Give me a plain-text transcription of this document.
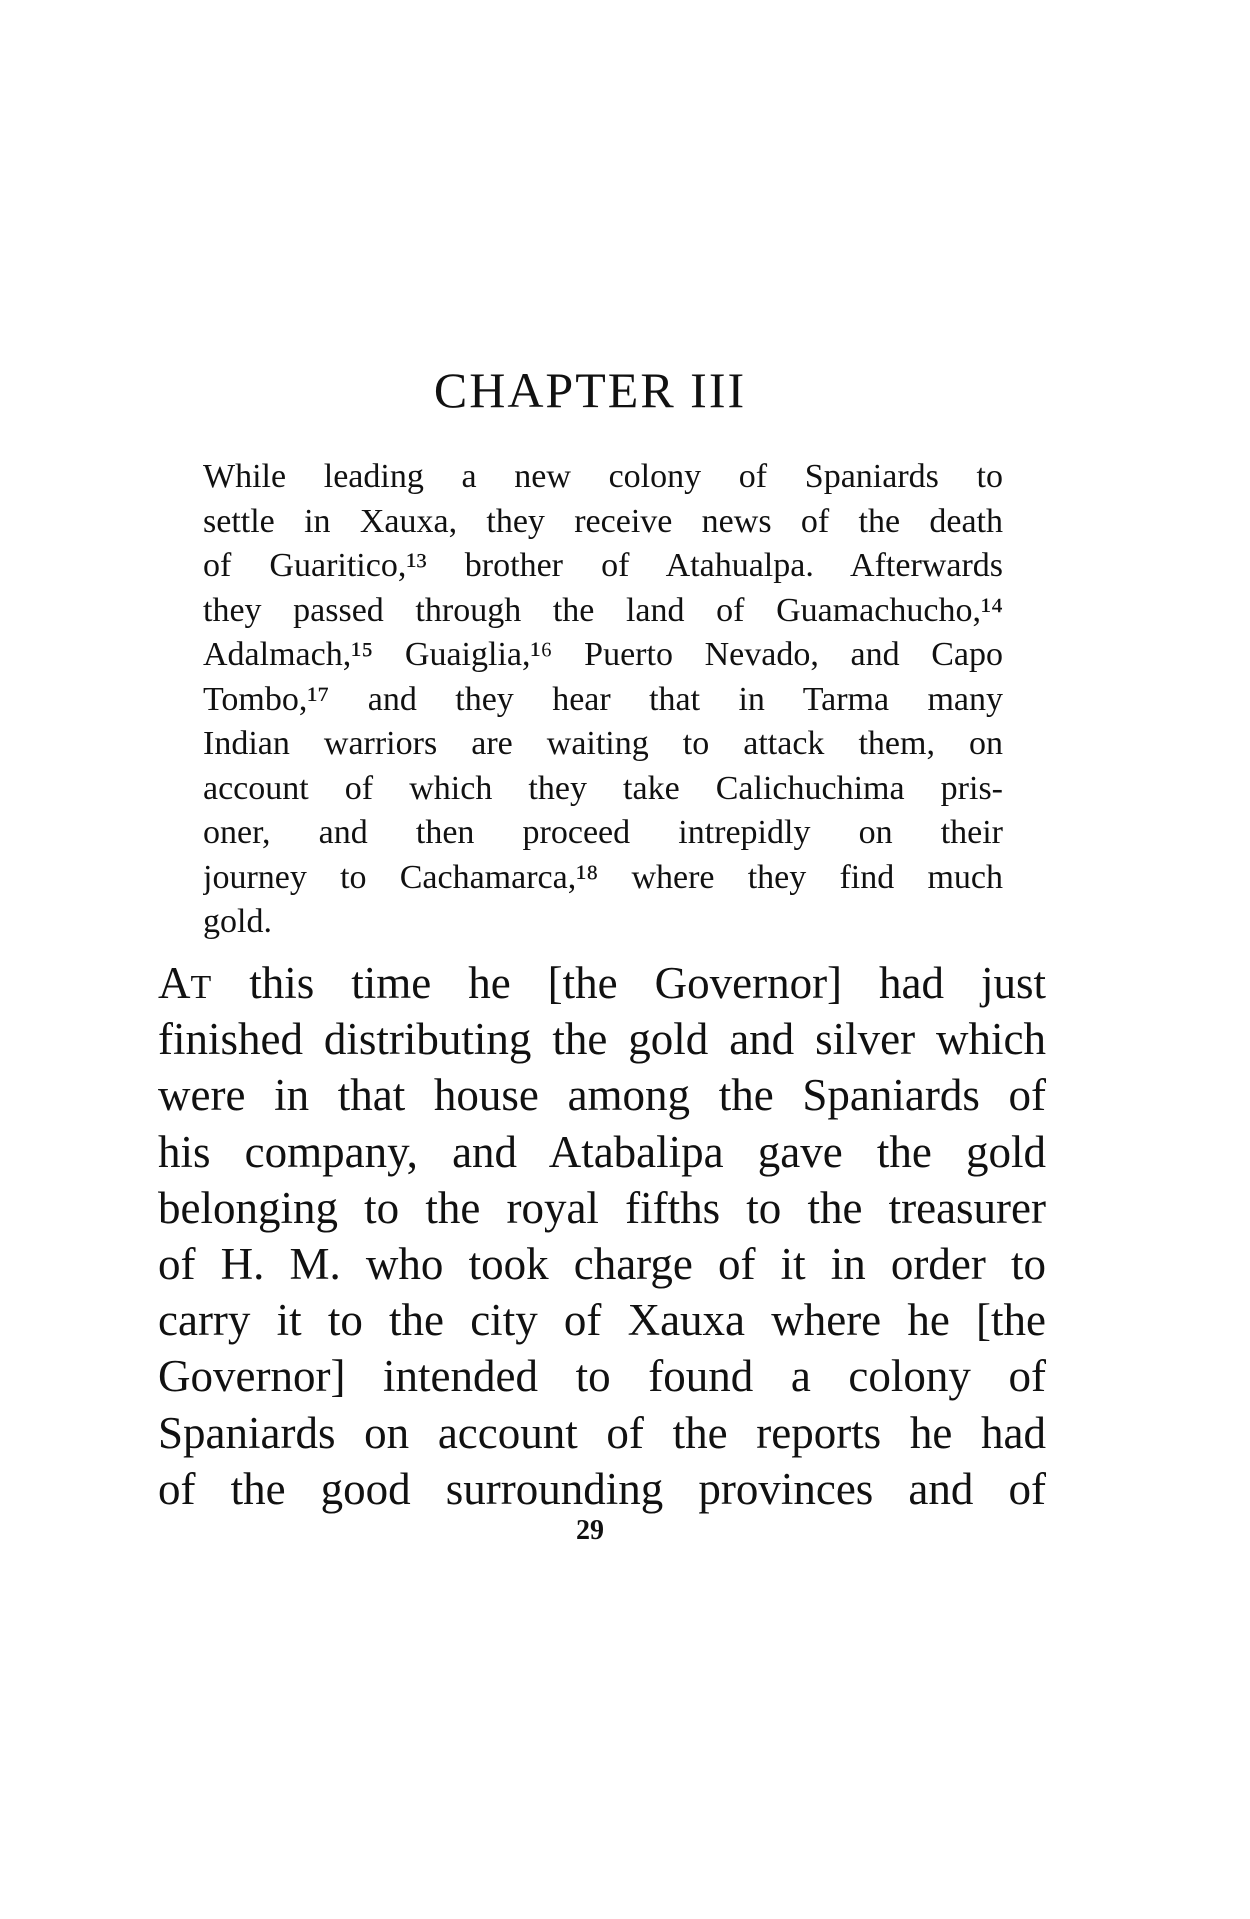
CHAPTER III
While leading a new colony of Spaniards to
settle in Xauxa, they receive news of the death
of Guaritico,¹³ brother of Atahualpa. Afterwards
they passed through the land of Guamachucho,¹⁴
Adalmach,¹⁵ Guaiglia,¹⁶ Puerto Nevado, and Capo
Tombo,¹⁷ and they hear that in Tarma many
Indian warriors are waiting to attack them, on
account of which they take Calichuchima pris-
oner, and then proceed intrepidly on their
journey to Cachamarca,¹⁸ where they find much
gold.
AT this time he [the Governor] had just
finished distributing the gold and silver which
were in that house among the Spaniards of
his company, and Atabalipa gave the gold
belonging to the royal fifths to the treasurer
of H. M. who took charge of it in order to
carry it to the city of Xauxa where he [the
Governor] intended to found a colony of
Spaniards on account of the reports he had
of the good surrounding provinces and of

29
